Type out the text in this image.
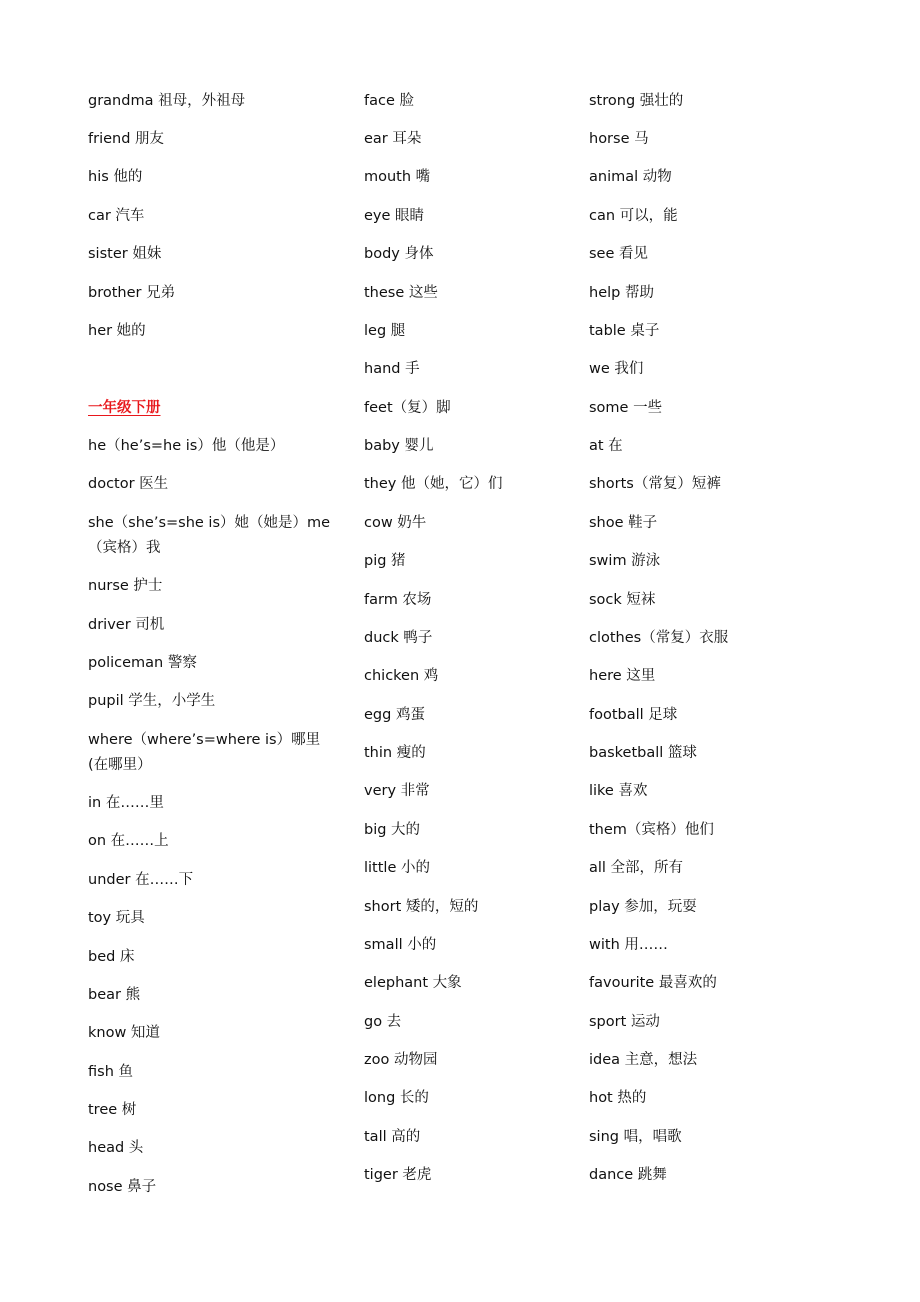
grandma 祖母，外祖母
friend 朋友
his 他的
car 汽车
sister 姐妹
brother 兄弟
her 她的
一年级下册
he（he’s=he is）他（他是）
doctor 医生
she（she’s=she is）她（她是）me（宾格）我
nurse 护士
driver 司机
policeman 警察
pupil 学生，小学生
where（where’s=where is）哪里(在哪里）
in 在……里
on 在……上
under 在……下
toy 玩具
bed 床
bear 熊
know 知道
fish 鱼
tree 树
head 头
nose 鼻子
face 脸
ear 耳朵
mouth 嘴
eye 眼睛
body 身体
these 这些
leg 腿
hand 手
feet（复）脚
baby 婴儿
they 他（她，它）们
cow 奶牛
pig 猪
farm 农场
duck 鸭子
chicken 鸡
egg 鸡蛋
thin 瘦的
very 非常
big 大的
little 小的
short 矮的，短的
small 小的
elephant 大象
go 去
zoo 动物园
long 长的
tall 高的
tiger 老虎
strong 强壮的
horse 马
animal 动物
can 可以，能
see 看见
help 帮助
table 桌子
we 我们
some 一些
at 在
shorts（常复）短裤
shoe 鞋子
swim 游泳
sock 短袜
clothes（常复）衣服
here 这里
football 足球
basketball 篮球
like 喜欢
them（宾格）他们
all 全部，所有
play 参加，玩耍
with 用……
favourite 最喜欢的
sport 运动
idea 主意，想法
hot 热的
sing 唱，唱歌
dance 跳舞
